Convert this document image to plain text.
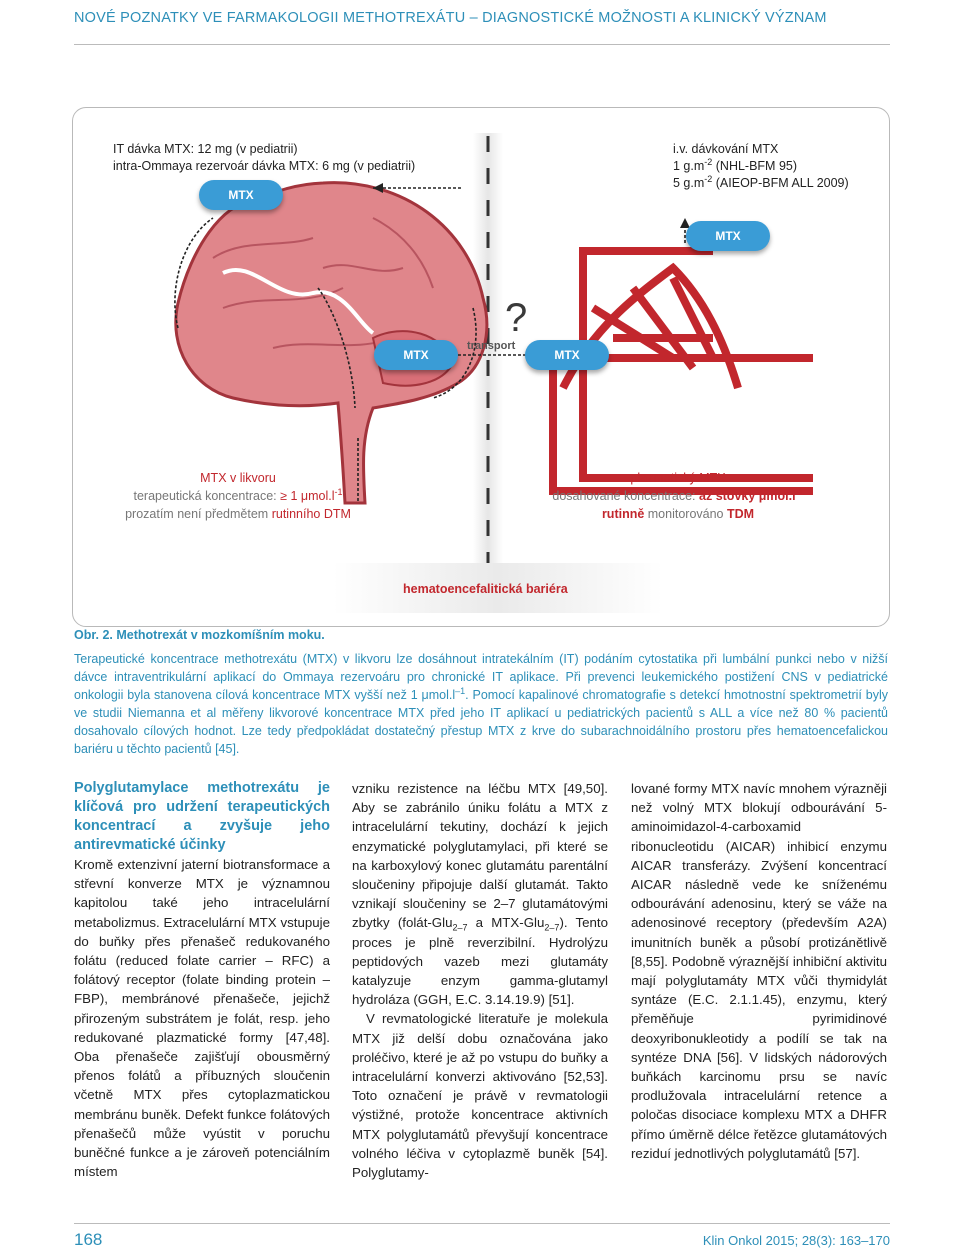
NOVÉ POZNATKY VE FARMAKOLOGII METHOTREXÁTU – DIAGNOSTICKÉ MOŽNOSTI A KLINICKÝ VÝZNAM
IT dávka MTX: 12 mg (v pediatrii)
intra-Ommaya rezervoár dávka MTX: 6 mg (v pediatrii)
i.v. dávkování MTX
1 $g.m^{-2}$ (NHL-BFM 95)
5 $g.m^{-2}$ (AIEOP-BFM ALL 2009)
MTX
MTX
MTX	MTX
?
transport
MTX v likvoru
terapeutická koncentrace: ≥ 1 $\mu mol.l^{-1}$
prozatím není předmětem rutinního DTM
plazmatický MTX
dosahované koncentrace: až stovky $\mu mol.l^{-1}$
rutinně monitorováno TDM
hematoencefalitická bariéra
Obr. 2. Methotrexát v mozkomíšním moku.
Terapeutické koncentrace methotrexátu (MTX) v likvoru lze dosáhnout intratekálním (IT) podáním cytostatika při lumbální punkci nebo v nižší dávce intraventrikulární aplikací do Ommaya rezervoáru pro chronické IT aplikace. Při prevenci leukemického postižení CNS v pediatrické onkologii byla stanovena cílová koncentrace MTX vyšší než 1 $\mu mol.l^{-1}$. Pomocí kapalinové chromatografie s detekcí hmotnostní spektrometrií byly ve studii Niemanna et al měřeny likvorové koncentrace MTX před jeho IT aplikací u pediatrických pacientů s ALL a více než 80 % pacientů dosahovalo cílových hodnot. Lze tedy předpokládat dostatečný přestup MTX z krve do subarachnoidálního prostoru přes hematoencefalickou bariéru u těchto pacientů [45].
Polyglutamylace methotrexátu je klíčová pro udržení terapeutických koncentrací a zvyšuje jeho antirevmatické účinky

Kromě extenzivní jaterní biotransformace a střevní konverze MTX je významnou kapitolou také jeho intracelulární metabolizmus. Extracelulární MTX vstupuje do buňky přes přenašeč redukovaného folátu (reduced folate carrier – RFC) a folátový receptor (folate binding protein – FBP), membránové přenašeče, jejichž přirozeným substrátem je folát, resp. jeho redukované plazmatické formy [47,48]. Oba přenašeče zajišťují obousměrný přenos folátů a příbuzných sloučenin včetně MTX přes cytoplazmatickou membránu buněk. Defekt funkce folátových přenašečů může vyústit v poruchu buněčné funkce a je zároveň potenciálním místem

vzniku rezistence na léčbu MTX [49,50]. Aby se zabránilo úniku folátu a MTX z intracelulární tekutiny, dochází k jejich enzymatické polyglutamylaci, při které se na karboxylový konec glutamátu parentální sloučeniny připojuje další glutamát. Takto vznikají sloučeniny se 2–7 glutamátovými zbytky (folát-Glu$_{2-7}$ a MTX-Glu$_{2-7}$). Tento proces je plně reverzibilní. Hydrolýzu peptidových vazeb mezi glutamáty katalyzuje enzym gamma-glutamyl hydroláza (GGH, E.C. 3.14.19.9) [51].

V revmatologické literatuře je molekula MTX již delší dobu označována jako proléčivo, které je až po vstupu do buňky a intracelulární konverzi aktivováno [52,53]. Toto označení je právě v revmatologii výstižné, protože koncentrace aktivních MTX polyglutamátů převyšují koncentrace volného léčiva v cytoplazmě buněk [54]. Polyglutamy-

lované formy MTX navíc mnohem výrazněji než volný MTX blokují odbourávání 5-aminoimidazol-4-carboxamid ribonucleotidu (AICAR) inhibicí enzymu AICAR transferázy. Zvýšení koncentrací AICAR následně vede ke sníženému odbourávání adenosinu, který se váže na adenosinové receptory (především A2A) imunitních buněk a působí protizánětlivě [8,55]. Podobně výraznější inhibiční aktivitu mají polyglutamáty MTX vůči thymidylát syntáze (E.C. 2.1.1.45), enzymu, který přeměňuje pyrimidinové deoxyribonukleotidy a podílí se tak na syntéze DNA [56]. V lidských nádorových buňkách karcinomu prsu se navíc prodlužovala intracelulární retence a poločas disociace komplexu MTX a DHFR přímo úměrně délce řetězce glutamátových reziduí jednotlivých polyglutamátů [57].

168	Klin Onkol 2015; 28(3): 163–170
